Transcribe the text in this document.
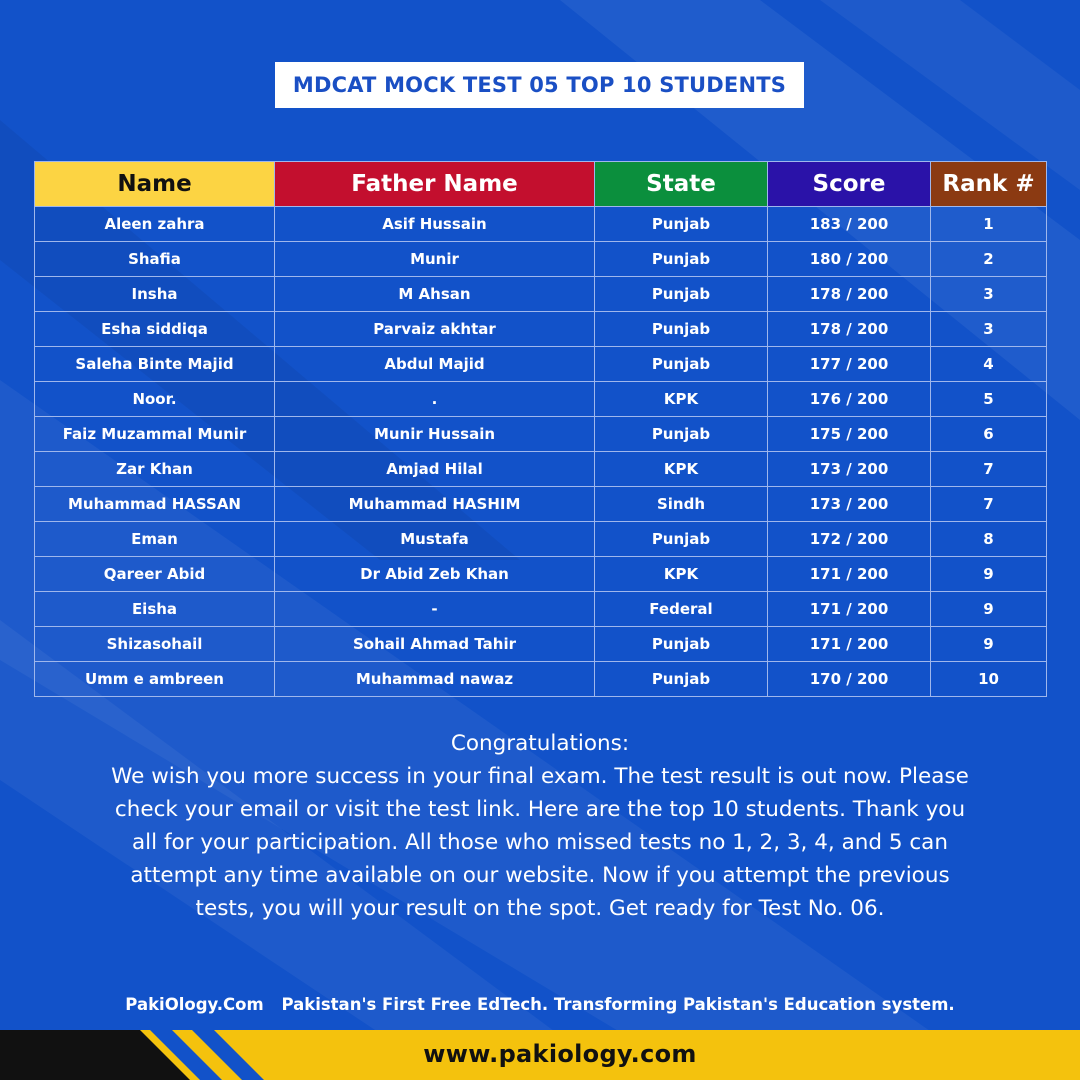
MDCAT MOCK TEST 05 TOP 10 STUDENTS
Name	Father Name	State	Score	Rank #
Aleen zahra	Asif Hussain	Punjab	183 / 200	1
Shafia	Munir	Punjab	180 / 200	2
Insha	M Ahsan	Punjab	178 / 200	3
Esha siddiqa	Parvaiz akhtar	Punjab	178 / 200	3
Saleha Binte Majid	Abdul Majid	Punjab	177 / 200	4
Noor.	.	KPK	176 / 200	5
Faiz Muzammal Munir	Munir Hussain	Punjab	175 / 200	6
Zar Khan	Amjad Hilal	KPK	173 / 200	7
Muhammad HASSAN	Muhammad HASHIM	Sindh	173 / 200	7
Eman	Mustafa	Punjab	172 / 200	8
Qareer Abid	Dr Abid Zeb Khan	KPK	171 / 200	9
Eisha	-	Federal	171 / 200	9
Shizasohail	Sohail Ahmad Tahir	Punjab	171 / 200	9
Umm e ambreen	Muhammad nawaz	Punjab	170 / 200	10
Congratulations:
We wish you more success in your final exam. The test result is out now. Please check your email or visit the test link. Here are the top 10 students. Thank you all for your participation. All those who missed tests no 1, 2, 3, 4, and 5 can attempt any time available on our website. Now if you attempt the previous tests, you will your result on the spot. Get ready for Test No. 06.
PakiOlogy.Com Pakistan's First Free EdTech. Transforming Pakistan's Education system.
www.pakiology.com
